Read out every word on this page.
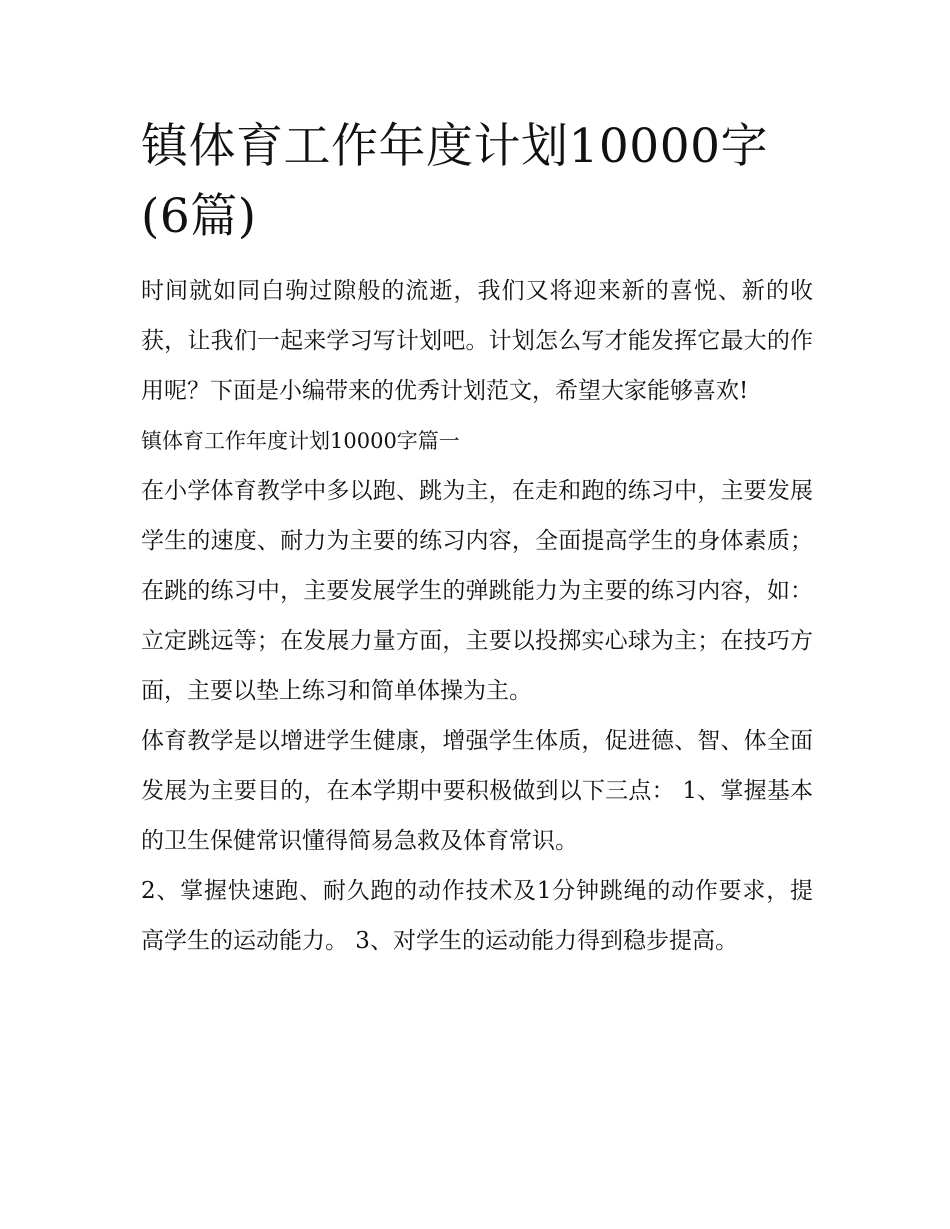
镇体育工作年度计划10000字(6篇)

时间就如同白驹过隙般的流逝，我们又将迎来新的喜悦、新的收获，让我们一起来学习写计划吧。计划怎么写才能发挥它最大的作用呢？下面是小编带来的优秀计划范文，希望大家能够喜欢!

镇体育工作年度计划10000字篇一

在小学体育教学中多以跑、跳为主，在走和跑的练习中，主要发展学生的速度、耐力为主要的练习内容，全面提高学生的身体素质；在跳的练习中，主要发展学生的弹跳能力为主要的练习内容，如：立定跳远等；在发展力量方面，主要以投掷实心球为主；在技巧方面，主要以垫上练习和简单体操为主。

体育教学是以增进学生健康，增强学生体质，促进德、智、体全面发展为主要目的，在本学期中要积极做到以下三点： 1、掌握基本的卫生保健常识懂得简易急救及体育常识。

2、掌握快速跑、耐久跑的动作技术及1分钟跳绳的动作要求，提高学生的运动能力。 3、对学生的运动能力得到稳步提高。
